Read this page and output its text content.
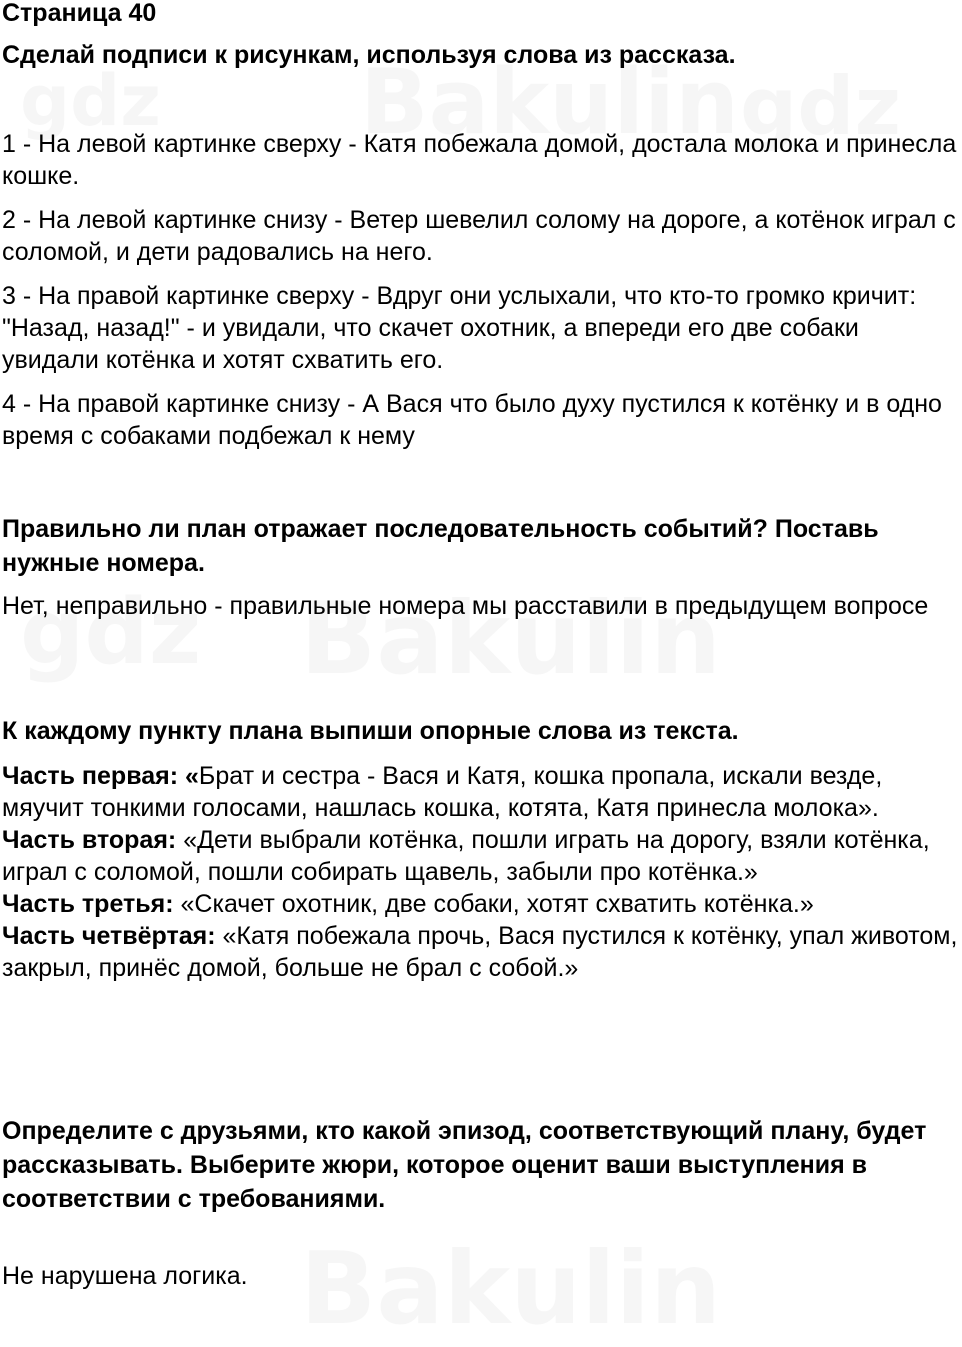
Страница 40
Сделай подписи к рисункам, используя слова из рассказа.
1 - На левой картинке сверху - Катя побежала домой, достала молока и принесла кошке.
2 - На левой картинке снизу - Ветер шевелил солому на дороге, а котёнок играл с соломой, и дети радовались на него.
3 - На правой картинке сверху - Вдруг они услыхали, что кто-то громко кричит: "Назад, назад!" - и увидали, что скачет охотник, а впереди его две собаки увидали котёнка и хотят схватить его.
4 - На правой картинке снизу - А Вася что было духу пустился к котёнку и в одно время с собаками подбежал к нему
Правильно ли план отражает последовательность событий? Поставь нужные номера.
Нет, неправильно - правильные номера мы расставили в предыдущем вопросе
К каждому пункту плана выпиши опорные слова из текста.

Часть первая: «Брат и сестра - Вася и Катя, кошка пропала, искали везде, мяучит тонкими голосами, нашлась кошка, котята, Катя принесла молока».

Часть вторая: «Дети выбрали котёнка, пошли играть на дорогу, взяли котёнка, играл с соломой, пошли собирать щавель, забыли про котёнка.»

Часть третья: «Скачет охотник, две собаки, хотят схватить котёнка.»

Часть четвёртая: «Катя побежала прочь, Вася пустился к котёнку, упал животом, закрыл, принёс домой, больше не брал с собой.»

Определите с друзьями, кто какой эпизод, соответствующий плану, будет рассказывать. Выберите жюри, которое оценит ваши выступления в соответствии с требованиями.
Не нарушена логика.
